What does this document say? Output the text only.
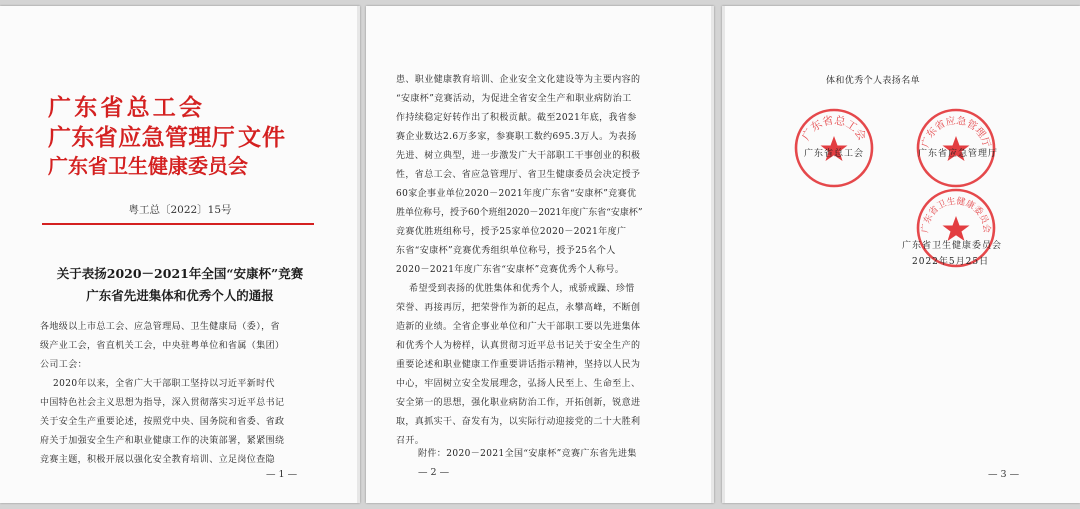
广东省总工会
广东省应急管理厅 文件
广东省卫生健康委员会
粤工总〔2022〕15号
关于表扬2020－2021年全国“安康杯”竞赛
广东省先进集体和优秀个人的通报
各地级以上市总工会、应急管理局、卫生健康局（委），省
级产业工会，省直机关工会，中央驻粤单位和省属（集团）
公司工会：
2020年以来，全省广大干部职工坚持以习近平新时代
中国特色社会主义思想为指导，深入贯彻落实习近平总书记
关于安全生产重要论述，按照党中央、国务院和省委、省政
府关于加强安全生产和职业健康工作的决策部署，紧紧围绕
竞赛主题，积极开展以强化安全教育培训、立足岗位查隐
— 1 —
患、职业健康教育培训、企业安全文化建设等为主要内容的
“安康杯”竞赛活动，为促进全省安全生产和职业病防治工
作持续稳定好转作出了积极贡献。截至2021年底，我省参
赛企业数达2.6万多家，参赛职工数约695.3万人。为表扬
先进、树立典型，进一步激发广大干部职工干事创业的积极
性，省总工会、省应急管理厅、省卫生健康委员会决定授予
60家企事业单位2020－2021年度广东省“安康杯”竞赛优
胜单位称号，授予60个班组2020－2021年度广东省“安康杯”
竞赛优胜班组称号，授予25家单位2020－2021年度广
东省“安康杯”竞赛优秀组织单位称号，授予25名个人
2020－2021年度广东省“安康杯”竞赛优秀个人称号。
希望受到表扬的优胜集体和优秀个人，戒骄戒躁、珍惜
荣誉、再接再厉，把荣誉作为新的起点，永攀高峰，不断创
造新的业绩。全省企事业单位和广大干部职工要以先进集体
和优秀个人为榜样，认真贯彻习近平总书记关于安全生产的
重要论述和职业健康工作重要讲话指示精神，坚持以人民为
中心，牢固树立安全发展理念，弘扬人民至上、生命至上、
安全第一的思想，强化职业病防治工作，开拓创新，锐意进
取，真抓实干、奋发有为，以实际行动迎接党的二十大胜利
召开。
附件：2020－2021全国“安康杯”竞赛广东省先进集
— 2 —
体和优秀个人表扬名单
广东省总工会	广东省应急管理厅
广东省卫生健康委员会
广东省总工会	广东省应急管理厅
广东省卫生健康委员会
2022年5月25日
— 3 —
